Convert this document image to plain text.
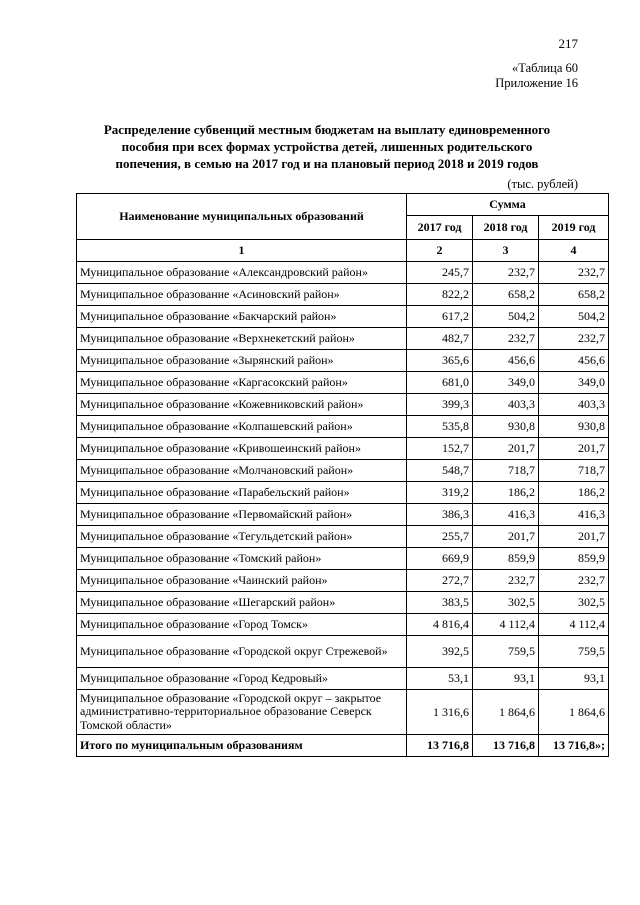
217
«Таблица 60
Приложение 16
Распределение субвенций местным бюджетам на выплату единовременного
пособия при всех формах устройства детей, лишенных родительского
попечения, в семью на 2017 год и на плановый период 2018 и 2019 годов
(тыс. рублей)
Наименование муниципальных образований	Сумма		
	2017 год	2018 год	2019 год
1	2	3	4
Муниципальное образование «Александровский район»	245,7	232,7	232,7
Муниципальное образование «Асиновский район»	822,2	658,2	658,2
Муниципальное образование «Бакчарский район»	617,2	504,2	504,2
Муниципальное образование «Верхнекетский район»	482,7	232,7	232,7
Муниципальное образование «Зырянский район»	365,6	456,6	456,6
Муниципальное образование «Каргасокский район»	681,0	349,0	349,0
Муниципальное образование «Кожевниковский район»	399,3	403,3	403,3
Муниципальное образование «Колпашевский район»	535,8	930,8	930,8
Муниципальное образование «Кривошеинский район»	152,7	201,7	201,7
Муниципальное образование «Молчановский район»	548,7	718,7	718,7
Муниципальное образование «Парабельский район»	319,2	186,2	186,2
Муниципальное образование «Первомайский район»	386,3	416,3	416,3
Муниципальное образование «Тегульдетский район»	255,7	201,7	201,7
Муниципальное образование «Томский район»	669,9	859,9	859,9
Муниципальное образование «Чаинский район»	272,7	232,7	232,7
Муниципальное образование «Шегарский район»	383,5	302,5	302,5
Муниципальное образование «Город Томск»	4 816,4	4 112,4	4 112,4
Муниципальное образование «Городской округ Стрежевой»	392,5	759,5	759,5
Муниципальное образование «Город Кедровый»	53,1	93,1	93,1
Муниципальное образование «Городской округ – закрытое административно-территориальное образование Северск Томской области»	1 316,6	1 864,6	1 864,6
Итого по муниципальным образованиям	13 716,8	13 716,8	13 716,8»;
